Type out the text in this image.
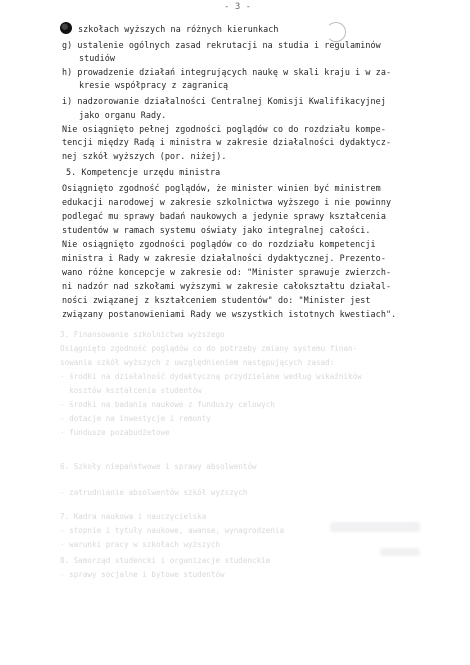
- 3 -
3. Finansowanie szkolnictwa wyższego
Osiągnięto zgodność poglądów co do potrzeby zmiany systemu finan-
sowania szkół wyższych z uwzględnieniem następujących zasad:
- środki na działalność dydaktyczną przydzielane według wskaźników
kosztów kształcenia studentów
- środki na badania naukowe z funduszy celowych
- dotacje na inwestycje i remonty
- fundusze pozabudżetowe
6. Szkoły niepaństwowe i sprawy absolwentów
- zatrudnianie absolwentów szkół wyższych
7. Kadra naukowa i nauczycielska
- stopnie i tytuły naukowe, awanse, wynagrodzenia
- warunki pracy w szkołach wyższych
8. Samorząd studencki i organizacje studenckie
- sprawy socjalne i bytowe studentów
szkołach wyższych na różnych kierunkach
g) ustalenie ogólnych zasad rekrutacji na studia i regulaminów
studiów
h) prowadzenie działań integrujących naukę w skali kraju i w za-
kresie współpracy z zagranicą
i) nadzorowanie działalności Centralnej Komisji Kwalifikacyjnej
jako organu Rady.
Nie osiągnięto pełnej zgodności poglądów co do rozdziału kompe-
tencji między Radą i ministra w zakresie działalności dydaktycz-
nej szkół wyższych (por. niżej).
5. Kompetencje urzędu ministra
Osiągnięto zgodność poglądów, że minister winien być ministrem
edukacji narodowej w zakresie szkolnictwa wyższego i nie powinny
podlegać mu sprawy badań naukowych a jedynie sprawy kształcenia
studentów w ramach systemu oświaty jako integralnej całości.
Nie osiągnięto zgodności poglądów co do rozdziału kompetencji
ministra i Rady w zakresie działalności dydaktycznej. Prezento-
wano różne koncepcje w zakresie od: "Minister sprawuje zwierzch-
ni nadzór nad szkołami wyższymi w zakresie całokształtu działal-
ności związanej z kształceniem studentów" do: "Minister jest
związany postanowieniami Rady we wszystkich istotnych kwestiach".
